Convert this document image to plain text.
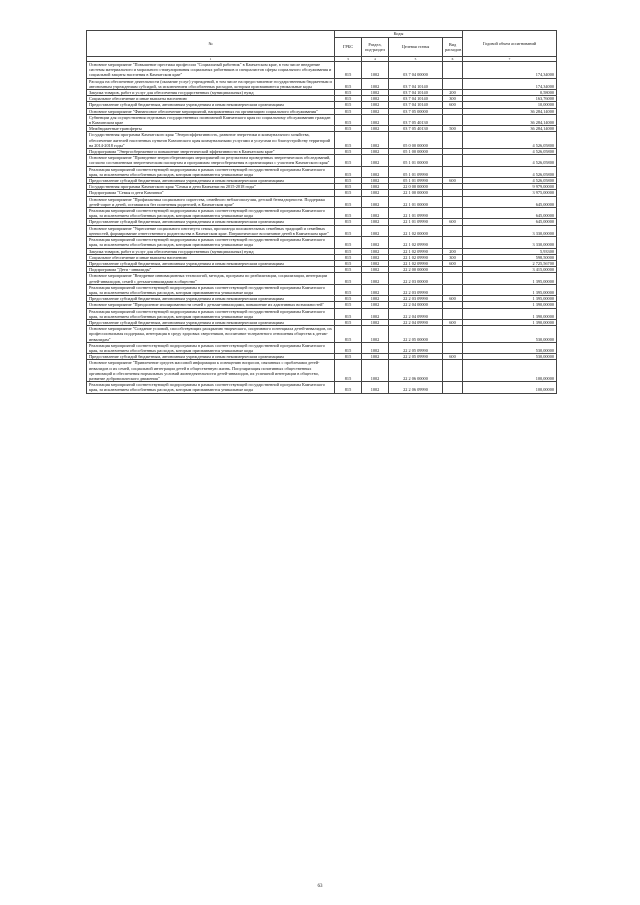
№	Коды				Годовой объем ассигнований
	ГРБС	Раздел, под-раздел	Целевая статья	Вид расходов	
1	3	4	5	6	7
Основное мероприятие "Повышение престижа профессии "Социальный работник" в Камчатском крае, в том числе внедрение системы материального и морального стимулирования социальных работников и специалистов сферы социального обслуживания и социальной защиты населения в Камчатском крае"	815	1002	03 7 04 00000		174,34000
Расходы на обеспечение деятельности (оказание услуг) учреждений, в том числе на предоставление государственным бюджетным и автономным учреждениям субсидий, за исключением обособленных расходов, которым присваиваются уникальные коды	815	1002	03 7 04 10140		174,34000
Закупка товаров, работ и услуг для обеспечения государственных (муниципальных) нужд	815	1002	03 7 04 10140	200	0,58000
Социальное обеспечение и иные выплаты населению	815	1002	03 7 04 10140	300	163,76000
Предоставление субсидий бюджетным, автономным учреждениям и иным некоммерческим организациям	815	1002	03 7 04 10140	600	10,00000
Основное мероприятие "Финансовое обеспечение мероприятий, направленных на организацию социального обслуживания"	815	1002	03 7 05 00000		36 284,14000
Субвенции для осуществления отдельных государственных полномочий Камчатского края по социальному обслуживанию граждан в Камчатском крае	815	1002	03 7 05 40130		36 284,14000
Межбюджетные трансферты	815	1002	03 7 05 40130	500	36 284,14000
Государственная программа Камчатского края "Энергоэффективность, развитие энергетики и коммунального хозяйства, обеспечение жителей населенных пунктов Камчатского края коммунальными услугами и услугами по благоустройству территорий на 2014-2018 годы"	815	1002	05 0 00 00000		4 526,05800
Подпрограмма "Энергосбережение и повышение энергетической эффективности в Камчатском крае"	815	1002	05 1 00 00000		4 526,05800
Основное мероприятие "Проведение энергосберегающих мероприятий по результатам проведенных энергетических обследований, согласно составленным энергетическим паспортам и программам энергосбережения в организациях с участием Камчатского края"	815	1002	05 1 01 00000		4 526,05800
Реализация мероприятий соответствующей подпрограммы в рамках соответствующей государственной программы Камчатского края, за исключением обособленных расходов, которым присваиваются уникальные коды	815	1002	05 1 01 09990		4 526,05800
Предоставление субсидий бюджетным, автономным учреждениям и иным некоммерческим организациям	815	1002	05 1 01 09990	600	4 526,05800
Государственная программа Камчатского края "Семья и дети Камчатки на 2015-2018 годы"	815	1002	22 0 00 00000		9 979,00000
Подпрограмма "Семья и дети Камчатки"	815	1002	22 1 00 00000		3 975,00000
Основное мероприятие "Профилактика социального сиротства, семейного неблагополучия, детской безнадзорности. Поддержка детей-сирот и детей, оставшихся без попечения родителей, в Камчатском крае"	815	1002	22 1 01 00000		645,00000
Реализация мероприятий соответствующей подпрограммы в рамках соответствующей государственной программы Камчатского края, за исключением обособленных расходов, которым присваиваются уникальные коды	815	1002	22 1 01 09990		645,00000
Предоставление субсидий бюджетным, автономным учреждениям и иным некоммерческим организациям	815	1002	22 1 01 09990	600	645,00000
Основное мероприятие "Укрепление социального института семьи, пропаганда положительных семейных традиций и семейных ценностей, формирование ответственного родительства в Камчатском крае. Патриотическое воспитание детей в Камчатском крае"	815	1002	22 1 02 00000		3 330,00000
Реализация мероприятий соответствующей подпрограммы в рамках соответствующей государственной программы Камчатского края, за исключением обособленных расходов, которым присваиваются уникальные коды	815	1002	22 1 02 09990		3 330,00000
Закупка товаров, работ и услуг для обеспечения государственных (муниципальных) нужд	815	1002	22 1 02 09990	200	5,93300
Социальное обеспечение и иные выплаты населению	815	1002	22 1 02 09990	300	598,50000
Предоставление субсидий бюджетным, автономным учреждениям и иным некоммерческим организациям	815	1002	22 1 02 09990	600	2 725,56700
Подпрограмма "Дети - инвалиды"	815	1002	22 2 00 00000		3 415,00000
Основное мероприятие "Внедрение инновационных технологий, методик, программ по реабилитации, социализации, интеграции детей-инвалидов, семей с детьми-инвалидами в общество"	815	1002	22 2 03 00000		1 395,00000
Реализация мероприятий соответствующей подпрограммы в рамках соответствующей государственной программы Камчатского края, за исключением обособленных расходов, которым присваиваются уникальные коды	815	1002	22 2 03 09990		1 395,00000
Предоставление субсидий бюджетным, автономным учреждениям и иным некоммерческим организациям	815	1002	22 2 03 09990	600	1 395,00000
Основное мероприятие "Преодоление изолированности семей с детьми-инвалидами, повышение их адаптивных возможностей"	815	1002	22 2 04 00000		1 390,00000
Реализация мероприятий соответствующей подпрограммы в рамках соответствующей государственной программы Камчатского края, за исключением обособленных расходов, которым присваиваются уникальные коды	815	1002	22 2 04 09990		1 390,00000
Предоставление субсидий бюджетным, автономным учреждениям и иным некоммерческим организациям	815	1002	22 2 04 09990	600	1 390,00000
Основное мероприятие "Создание условий, способствующих раскрытию творческого, спортивного потенциала детей-инвалидов, их профессиональная поддержка, интеграция в среду здоровых сверстников, воспитание толерантного отношения общества к детям-инвалидам"	815	1002	22 2 05 00000		530,00000
Реализация мероприятий соответствующей подпрограммы в рамках соответствующей государственной программы Камчатского края, за исключением обособленных расходов, которым присваиваются уникальные коды	815	1002	22 2 05 09990		530,00000
Предоставление субсидий бюджетным, автономным учреждениям и иным некоммерческим организациям	815	1002	22 2 05 09990	600	530,00000
Основное мероприятие "Привлечение средств массовой информации к освещению вопросов, связанных с проблемами детей-инвалидов и их семей, социальной интеграции детей в общественную жизнь. Популяризация позитивных общественных организаций и обеспечения нормальных условий жизнедеятельности детей-инвалидов, их успешной интеграции в общество, развитие добровольческого движения"	815	1002	22 2 06 00000		100,00000
Реализация мероприятий соответствующей подпрограммы в рамках соответствующей государственной программы Камчатского края, за исключением обособленных расходов, которым присваиваются уникальные коды	815	1002	22 2 06 09990		100,00000
63
